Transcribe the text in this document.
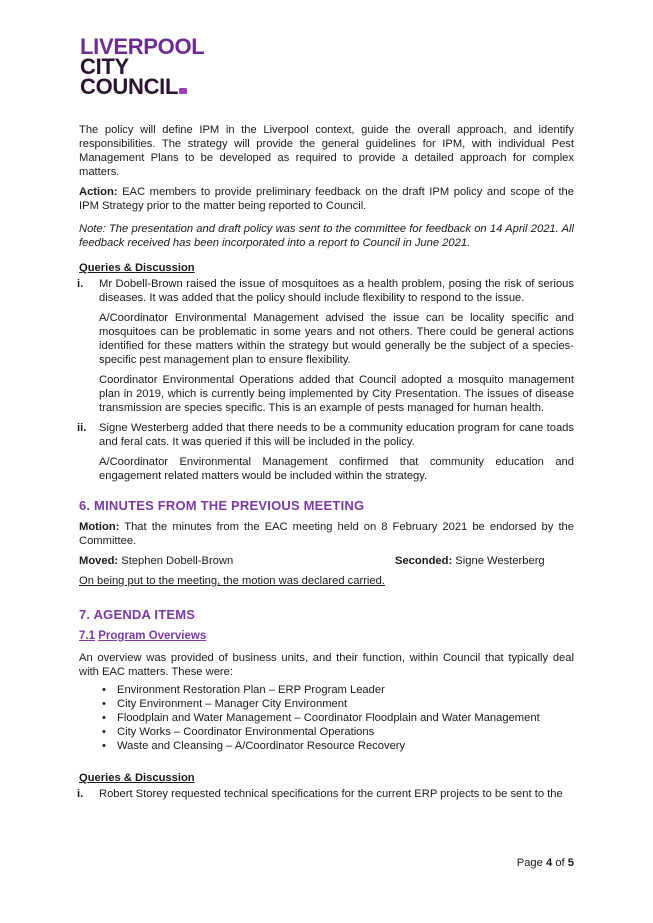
LIVERPOOL
CITY
COUNCIL

The policy will define IPM in the Liverpool context, guide the overall approach, and identify responsibilities. The strategy will provide the general guidelines for IPM, with individual Pest Management Plans to be developed as required to provide a detailed approach for complex matters.

Action: EAC members to provide preliminary feedback on the draft IPM policy and scope of the IPM Strategy prior to the matter being reported to Council.

Note: The presentation and draft policy was sent to the committee for feedback on 14 April 2021. All feedback received has been incorporated into a report to Council in June 2021.

Queries & Discussion
i. Mr Dobell-Brown raised the issue of mosquitoes as a health problem, posing the risk of serious diseases. It was added that the policy should include flexibility to respond to the issue.

A/Coordinator Environmental Management advised the issue can be locality specific and mosquitoes can be problematic in some years and not others. There could be general actions identified for these matters within the strategy but would generally be the subject of a species-specific pest management plan to ensure flexibility.

Coordinator Environmental Operations added that Council adopted a mosquito management plan in 2019, which is currently being implemented by City Presentation. The issues of disease transmission are species specific. This is an example of pests managed for human health.

ii. Signe Westerberg added that there needs to be a community education program for cane toads and feral cats. It was queried if this will be included in the policy.

A/Coordinator Environmental Management confirmed that community education and engagement related matters would be included within the strategy.

6. MINUTES FROM THE PREVIOUS MEETING

Motion: That the minutes from the EAC meeting held on 8 February 2021 be endorsed by the Committee.

Moved: Stephen Dobell-Brown	Seconded: Signe Westerberg

On being put to the meeting, the motion was declared carried.

7. AGENDA ITEMS
7.1 Program Overviews

An overview was provided of business units, and their function, within Council that typically deal with EAC matters. These were:

• Environment Restoration Plan – ERP Program Leader
• City Environment – Manager City Environment
• Floodplain and Water Management – Coordinator Floodplain and Water Management
• City Works – Coordinator Environmental Operations
• Waste and Cleansing – A/Coordinator Resource Recovery
Queries & Discussion
i. Robert Storey requested technical specifications for the current ERP projects to be sent to the

Page 4 of 5
